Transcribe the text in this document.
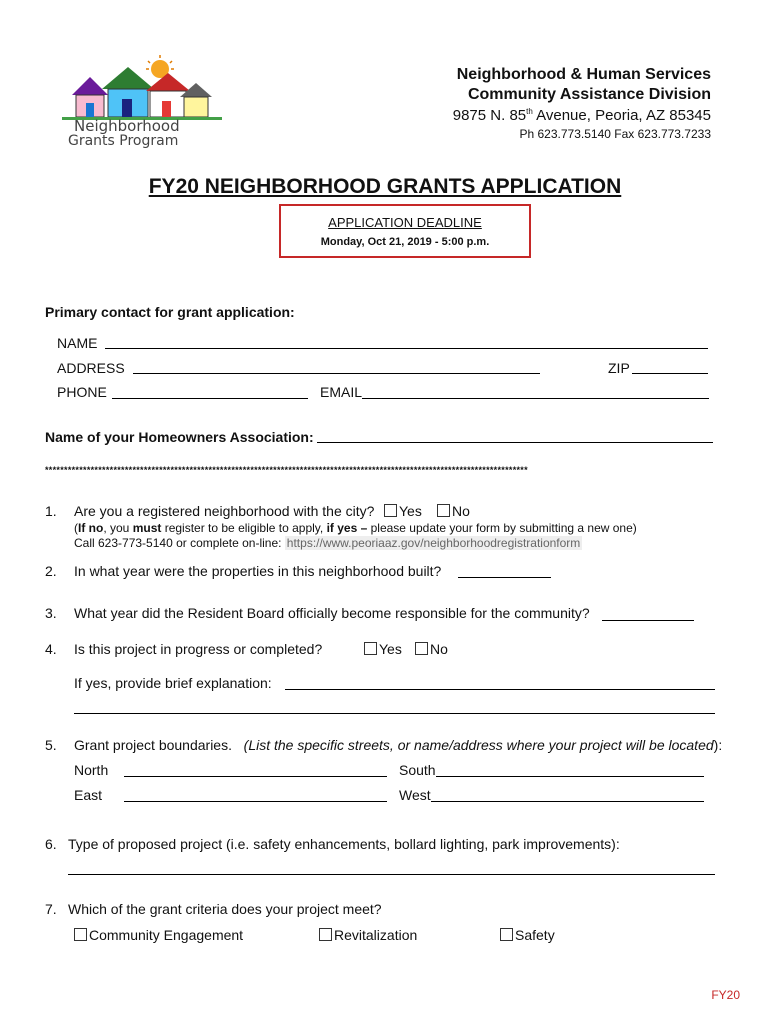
Neighborhood
Grants Program
Neighborhood & Human Services
Community Assistance Division
9875 N. 85th Avenue, Peoria, AZ 85345
Ph 623.773.5140 Fax 623.773.7233
FY20 NEIGHBORHOOD GRANTS APPLICATION
APPLICATION DEADLINE
Monday, Oct 21, 2019 - 5:00 p.m.
Primary contact for grant application:
NAME
ADDRESS	ZIP
PHONE	EMAIL
Name of your Homeowners Association:
*******************************************************************************************************************************
1. Are you a registered neighborhood with the city?	Yes	No
(If no, you must register to be eligible to apply, if yes – please update your form by submitting a new one)
Call 623-773-5140 or complete on-line: https://www.peoriaaz.gov/neighborhoodregistrationform
2. In what year were the properties in this neighborhood built?
3. What year did the Resident Board officially become responsible for the community?
4. Is this project in progress or completed?	Yes	No
If yes, provide brief explanation:
5. Grant project boundaries. (List the specific streets, or name/address where your project will be located):
North	South
East	West
6. Type of proposed project (i.e. safety enhancements, bollard lighting, park improvements):
7. Which of the grant criteria does your project meet?
Community Engagement	Revitalization	Safety
FY20
